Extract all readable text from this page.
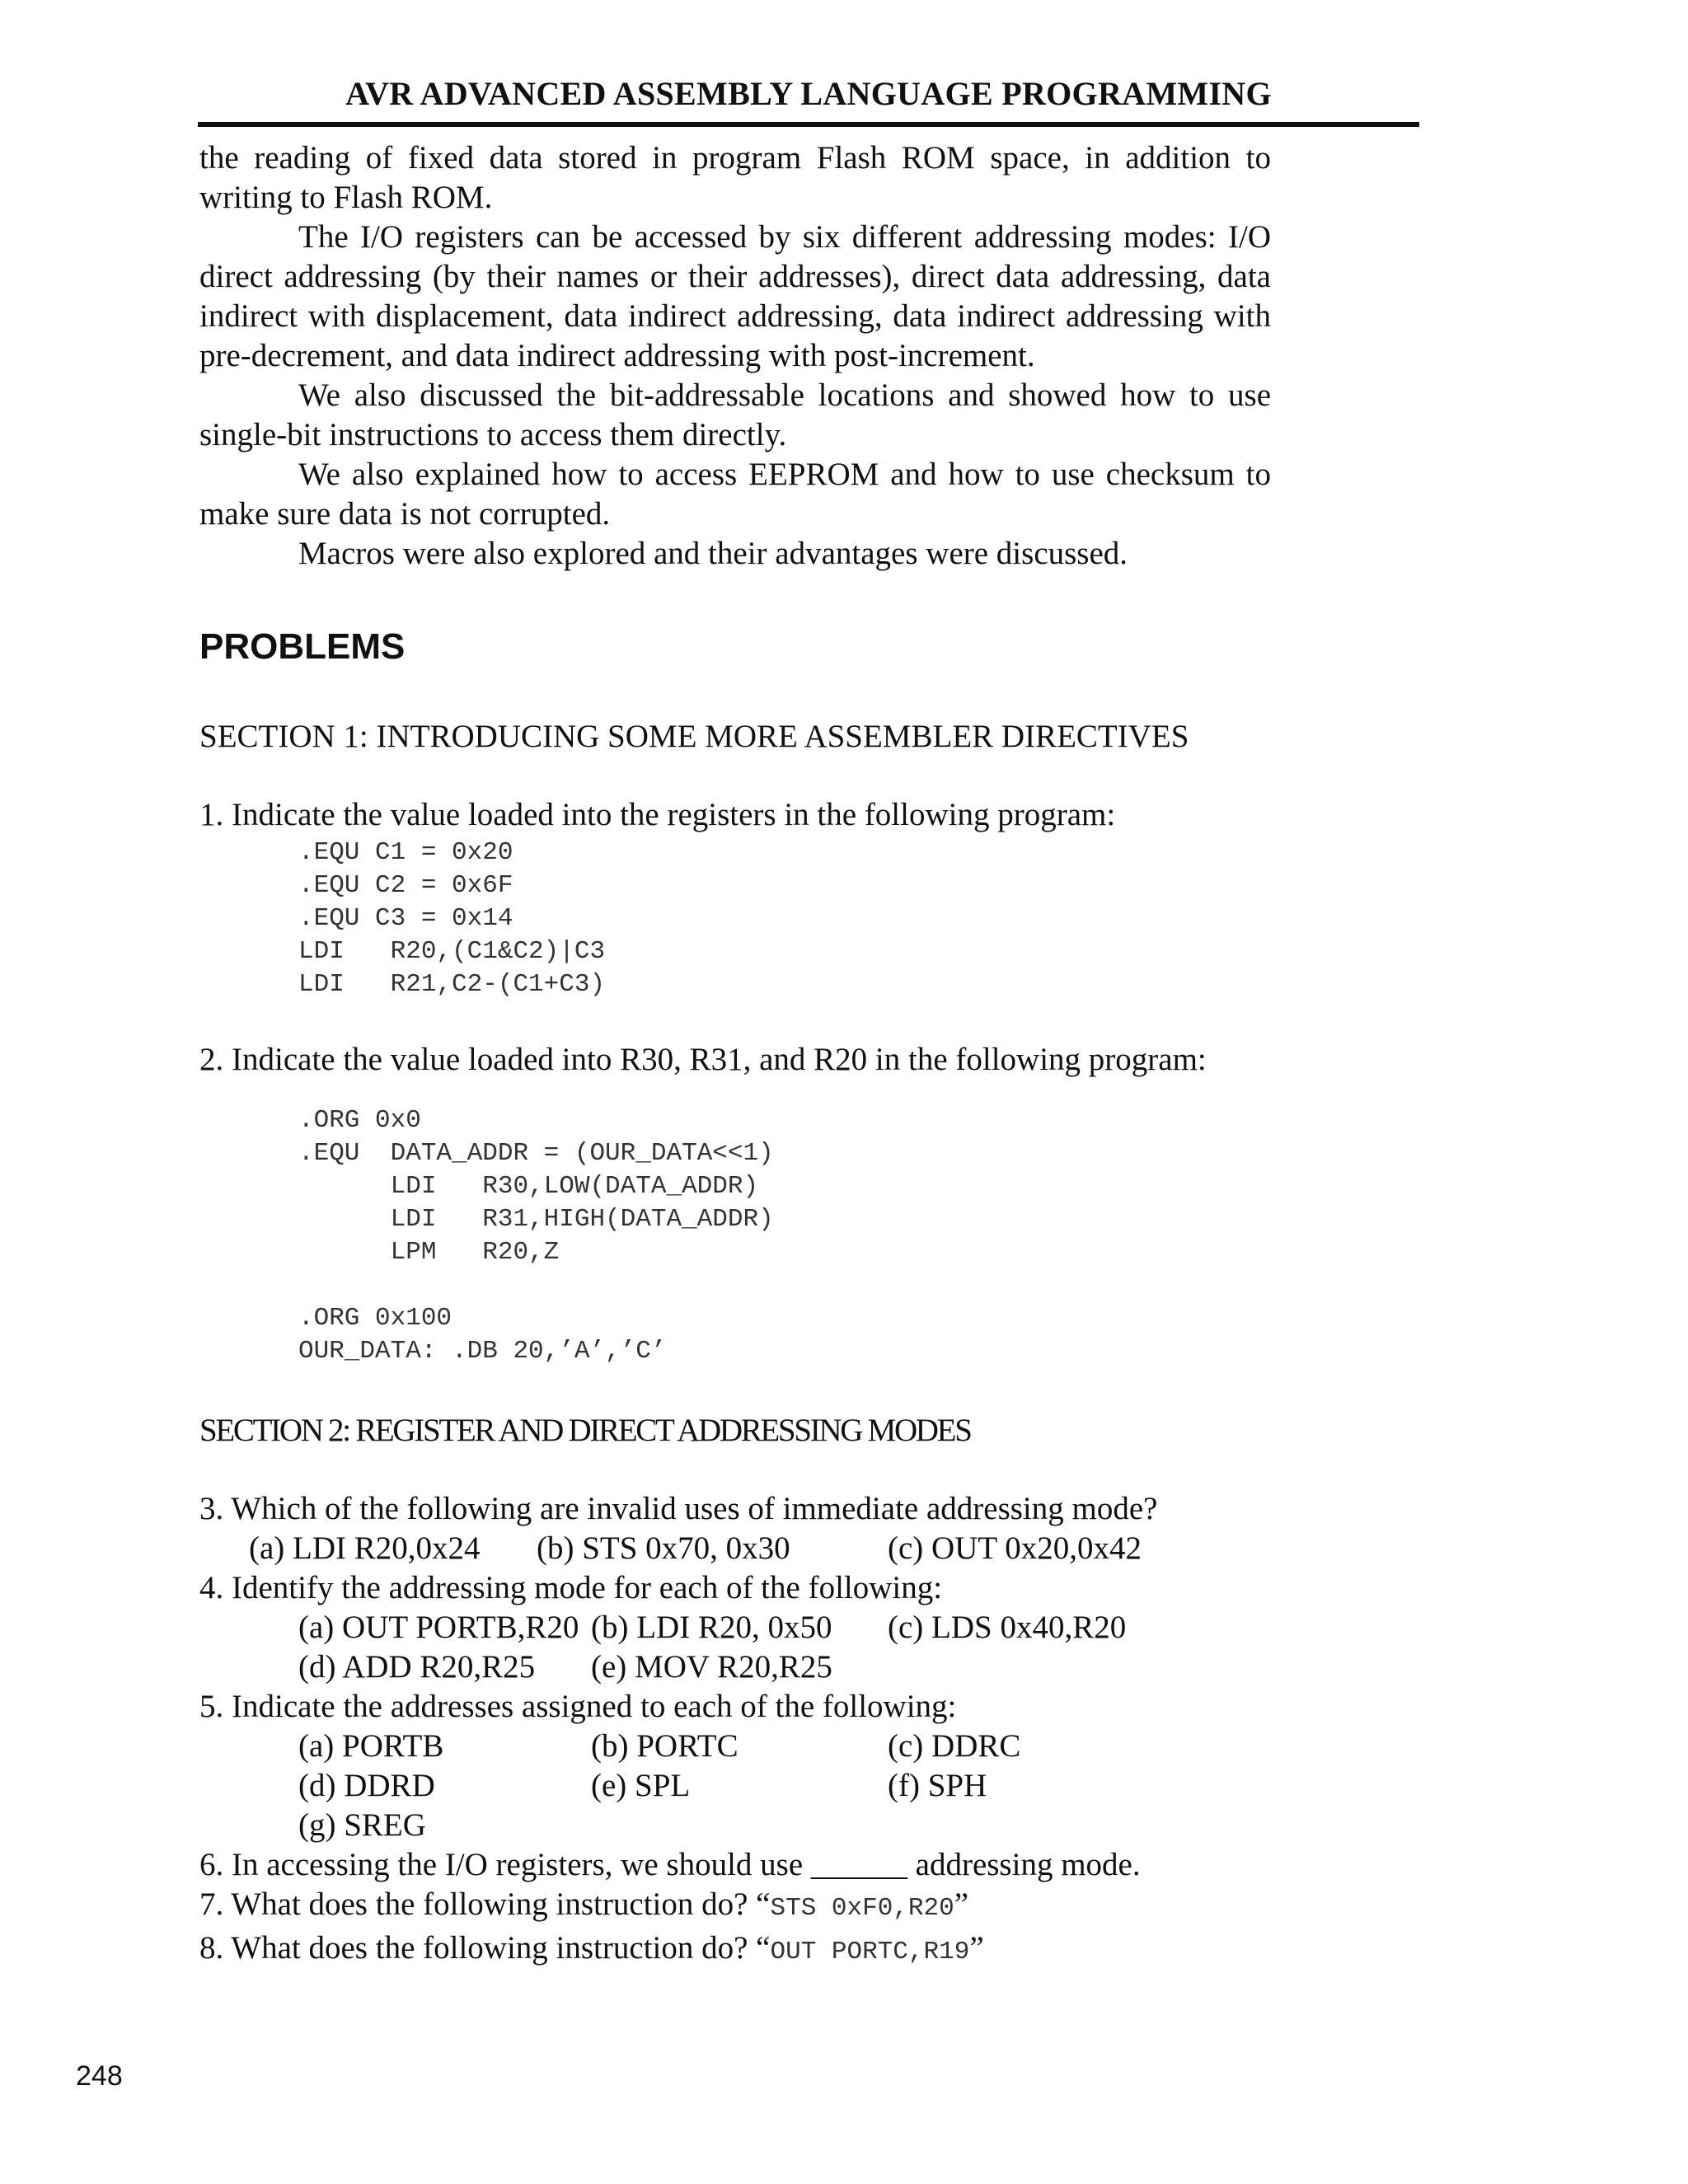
AVR ADVANCED ASSEMBLY LANGUAGE PROGRAMMING

the reading of fixed data stored in program Flash ROM space, in addition to writing to Flash ROM.

The I/O registers can be accessed by six different addressing modes: I/O direct addressing (by their names or their addresses), direct data addressing, data indirect with displacement, data indirect addressing, data indirect addressing with pre-decrement, and data indirect addressing with post-increment.

We also discussed the bit-addressable locations and showed how to use single-bit instructions to access them directly.

We also explained how to access EEPROM and how to use checksum to make sure data is not corrupted.

Macros were also explored and their advantages were discussed.

PROBLEMS
SECTION 1: INTRODUCING SOME MORE ASSEMBLER DIRECTIVES
1. Indicate the value loaded into the registers in the following program:
.EQU C1 = 0x20
.EQU C2 = 0x6F
.EQU C3 = 0x14
LDI   R20,(C1&C2)|C3
LDI   R21,C2-(C1+C3)
2. Indicate the value loaded into R30, R31, and R20 in the following program:
.ORG 0x0
.EQU  DATA_ADDR = (OUR_DATA<<1)
LDI   R30,LOW(DATA_ADDR)
LDI   R31,HIGH(DATA_ADDR)
LPM   R20,Z
.ORG 0x100
OUR_DATA: .DB 20,’A’,’C’
SECTION 2: REGISTER AND DIRECT ADDRESSING MODES
3. Which of the following are invalid uses of immediate addressing mode?
(a) LDI R20,0x24 (b) STS 0x70, 0x30	(c) OUT 0x20,0x42
4. Identify the addressing mode for each of the following:
(a) OUT PORTB,R20 (b) LDI R20, 0x50 (c) LDS 0x40,R20
(d) ADD R20,R25 (e) MOV R20,R25
5. Indicate the addresses assigned to each of the following:
(a) PORTB	(b) PORTC	(c) DDRC
(d) DDRD	(e) SPL	(f) SPH
(g) SREG
6. In accessing the I/O registers, we should use ______ addressing mode.
7. What does the following instruction do? “STS 0xF0,R20”
8. What does the following instruction do? “OUT PORTC,R19”
248
